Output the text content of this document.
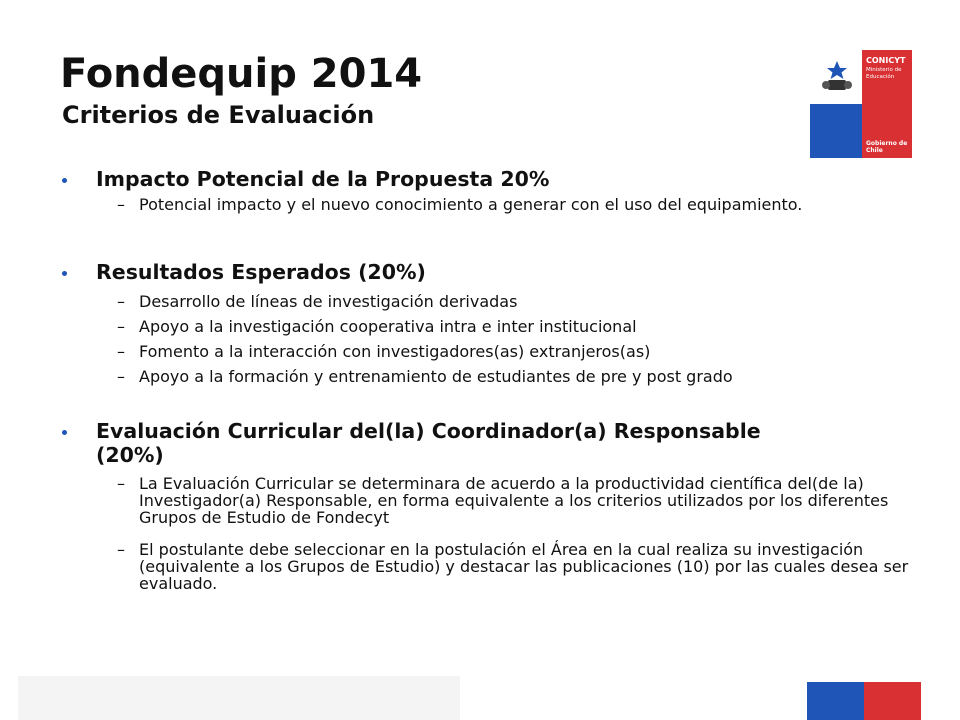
Fondequip 2014
Criterios de Evaluación
CONICYT
Ministerio de
Educación
Gobierno de Chile
Impacto Potencial de la Propuesta 20%
– Potencial impacto y el nuevo conocimiento a generar con el uso del equipamiento.

Resultados Esperados (20%)
– Desarrollo de líneas de investigación derivadas

– Apoyo a la investigación cooperativa intra e inter institucional

– Fomento a la interacción con investigadores(as) extranjeros(as)

– Apoyo a la formación y entrenamiento de estudiantes de pre y post grado

Evaluación Curricular del(la) Coordinador(a) Responsable (20%)
– La Evaluación Curricular se determinara de acuerdo a la productividad científica del(de la) Investigador(a) Responsable, en forma equivalente a los criterios utilizados por los diferentes Grupos de Estudio de Fondecyt

– El postulante debe seleccionar en la postulación el Área en la cual realiza su investigación (equivalente a los Grupos de Estudio) y destacar las publicaciones (10) por las cuales desea ser evaluado.
